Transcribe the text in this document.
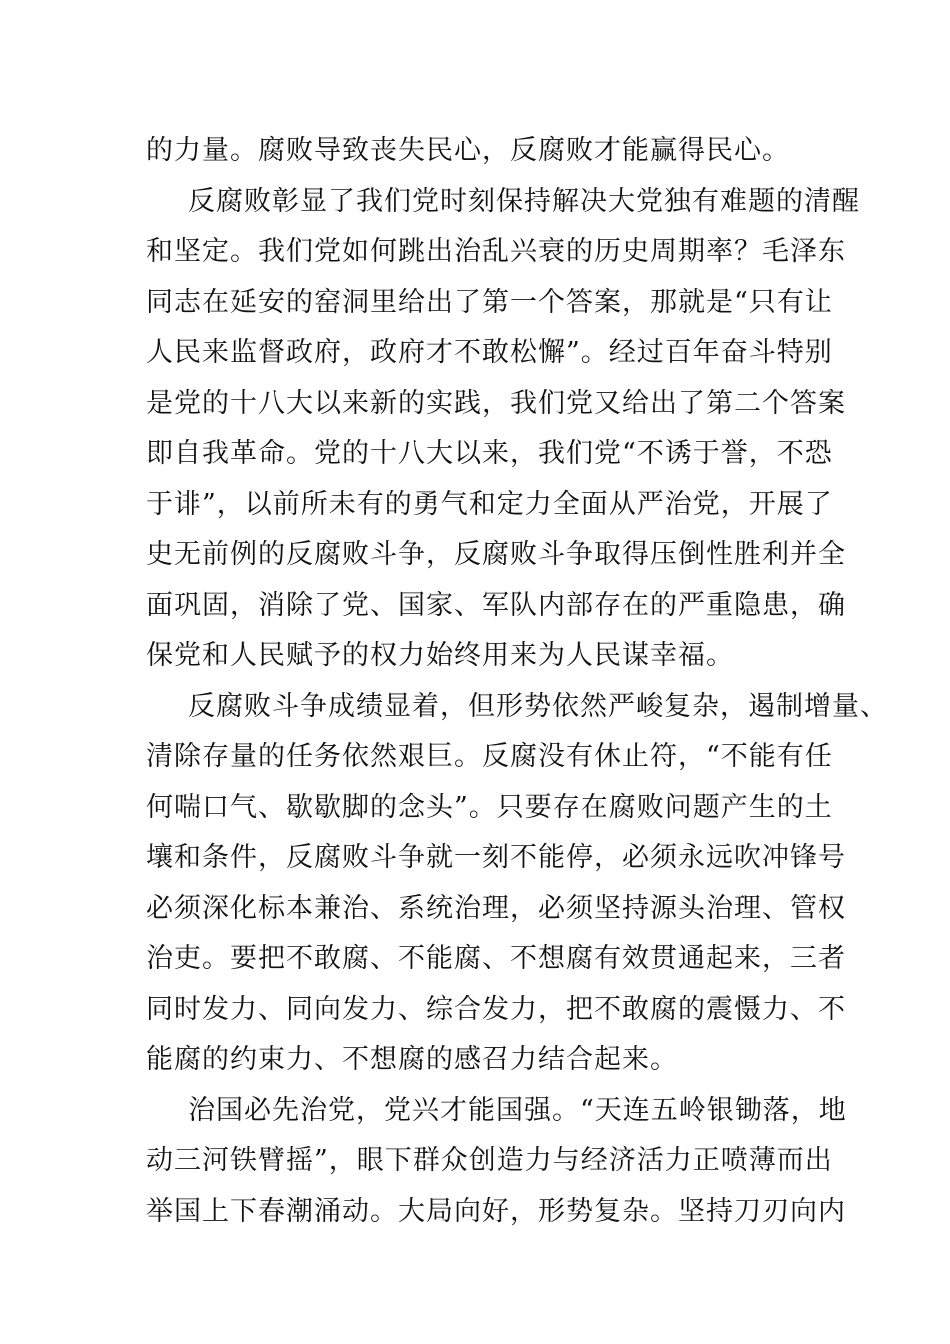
的力量。腐败导致丧失民心，反腐败才能赢得民心。
反腐败彰显了我们党时刻保持解决大党独有难题的清醒
和坚定。我们党如何跳出治乱兴衰的历史周期率？毛泽东
同志在延安的窑洞里给出了第一个答案，那就是“只有让
人民来监督政府，政府才不敢松懈”。经过百年奋斗特别
是党的十八大以来新的实践，我们党又给出了第二个答案
即自我革命。党的十八大以来，我们党“不诱于誉，不恐
于诽”，以前所未有的勇气和定力全面从严治党，开展了
史无前例的反腐败斗争，反腐败斗争取得压倒性胜利并全
面巩固，消除了党、国家、军队内部存在的严重隐患，确
保党和人民赋予的权力始终用来为人民谋幸福。
反腐败斗争成绩显着，但形势依然严峻复杂，遏制增量、
清除存量的任务依然艰巨。反腐没有休止符，“不能有任
何喘口气、歇歇脚的念头”。只要存在腐败问题产生的土
壤和条件，反腐败斗争就一刻不能停，必须永远吹冲锋号
必须深化标本兼治、系统治理，必须坚持源头治理、管权
治吏。要把不敢腐、不能腐、不想腐有效贯通起来，三者
同时发力、同向发力、综合发力，把不敢腐的震慑力、不
能腐的约束力、不想腐的感召力结合起来。
治国必先治党，党兴才能国强。“天连五岭银锄落，地
动三河铁臂摇”，眼下群众创造力与经济活力正喷薄而出
举国上下春潮涌动。大局向好，形势复杂。坚持刀刃向内
